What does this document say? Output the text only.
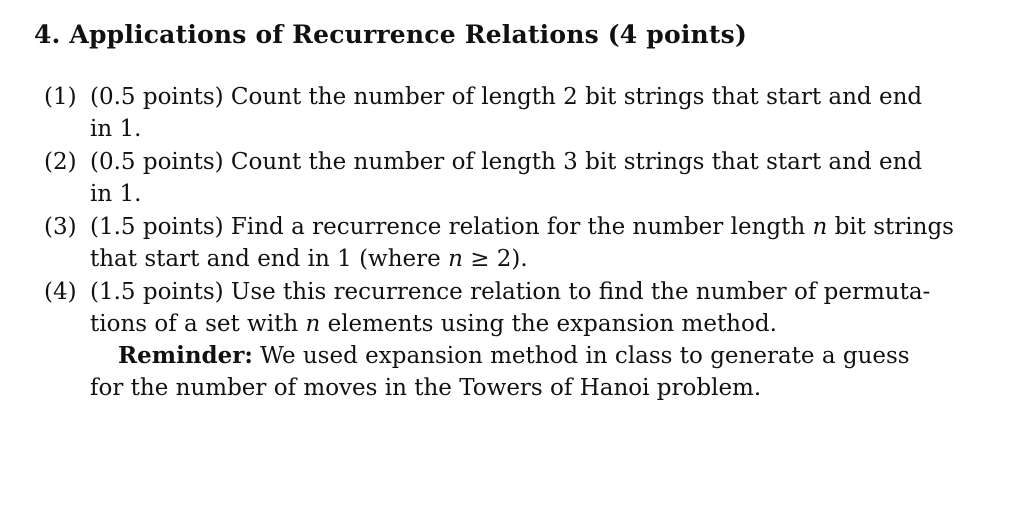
4. Applications of Recurrence Relations (4 points)
(1) (0.5 points) Count the number of length 2 bit strings that start and end
in 1.
(2) (0.5 points) Count the number of length 3 bit strings that start and end
in 1.
(3) (1.5 points) Find a recurrence relation for the number length n bit strings
that start and end in 1 (where n ≥ 2).
(4) (1.5 points) Use this recurrence relation to find the number of permuta-
tions of a set with n elements using the expansion method.
Reminder: We used expansion method in class to generate a guess
for the number of moves in the Towers of Hanoi problem.
